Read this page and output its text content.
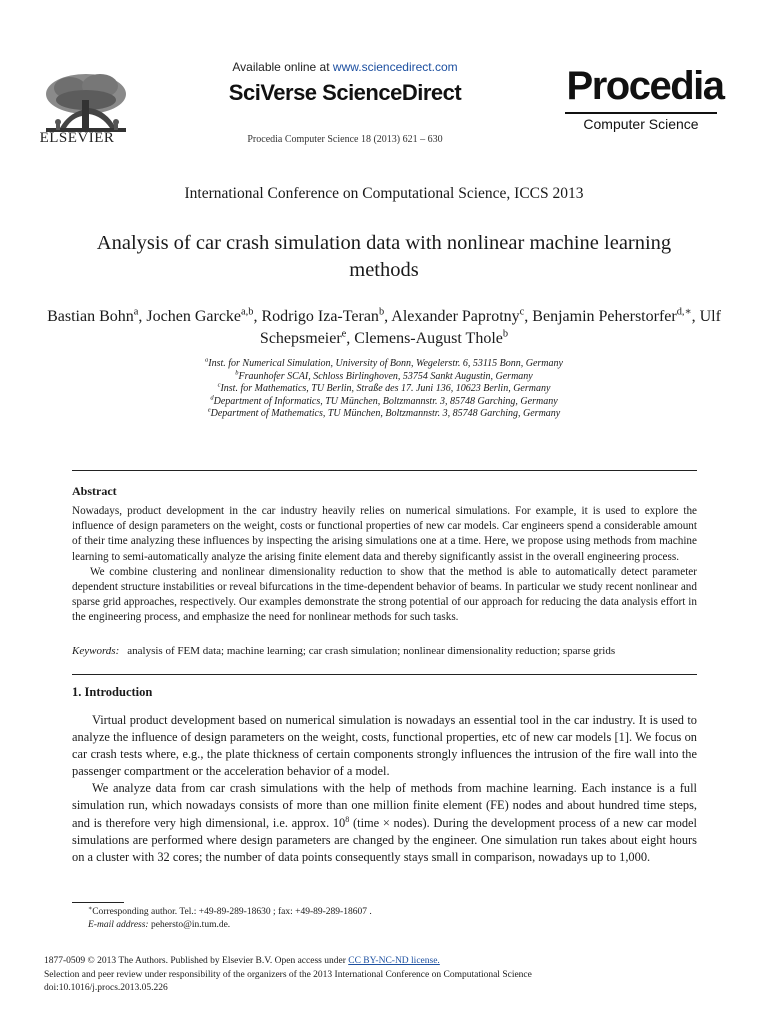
ELSEVIER
Available online at www.sciencedirect.com
SciVerse ScienceDirect
Procedia Computer Science 18 (2013) 621 – 630
Procedia
Computer Science
International Conference on Computational Science, ICCS 2013
Analysis of car crash simulation data with nonlinear machine learning methods
Bastian Bohn$^a$, Jochen Garcke$^{a,b}$, Rodrigo Iza-Teran$^b$, Alexander Paprotny$^c$, Benjamin Peherstorfer$^{d,∗}$, Ulf Schepsmeier$^e$, Clemens-August Thole$^b$
$^a$Inst. for Numerical Simulation, University of Bonn, Wegelerstr. 6, 53115 Bonn, Germany
$^b$Fraunhofer SCAI, Schloss Birlinghoven, 53754 Sankt Augustin, Germany
$^c$Inst. for Mathematics, TU Berlin, Straße des 17. Juni 136, 10623 Berlin, Germany
$^d$Department of Informatics, TU München, Boltzmannstr. 3, 85748 Garching, Germany
$^e$Department of Mathematics, TU München, Boltzmannstr. 3, 85748 Garching, Germany
Abstract

Nowadays, product development in the car industry heavily relies on numerical simulations. For example, it is used to explore the influence of design parameters on the weight, costs or functional properties of new car models. Car engineers spend a considerable amount of their time analyzing these influences by inspecting the arising simulations one at a time. Here, we propose using methods from machine learning to semi-automatically analyze the arising finite element data and thereby significantly assist in the overall engineering process.

We combine clustering and nonlinear dimensionality reduction to show that the method is able to automatically detect parameter dependent structure instabilities or reveal bifurcations in the time-dependent behavior of beams. In particular we study recent nonlinear and sparse grid approaches, respectively. Our examples demonstrate the strong potential of our approach for reducing the data analysis effort in the engineering process, and emphasize the need for nonlinear methods for such tasks.

Keywords: analysis of FEM data; machine learning; car crash simulation; nonlinear dimensionality reduction; sparse grids
1. Introduction

Virtual product development based on numerical simulation is nowadays an essential tool in the car industry. It is used to analyze the influence of design parameters on the weight, costs, functional properties, etc of new car models [1]. We focus on car crash tests where, e.g., the plate thickness of certain components strongly influences the intrusion of the fire wall into the passenger compartment or the acceleration behavior of a model.

We analyze data from car crash simulations with the help of methods from machine learning. Each instance is a full simulation run, which nowadays consists of more than one million finite element (FE) nodes and about hundred time steps, and is therefore very high dimensional, i.e. approx. $10^8$ (time × nodes). During the development process of a new car model simulations are performed where design parameters are changed by the engineer. One simulation run takes about eight hours on a cluster with 32 cores; the number of data points consequently stays small in comparison, nowadays up to 1,000.

∗Corresponding author. Tel.: +49-89-289-18630 ; fax: +49-89-289-18607 .
E-mail address: pehersto@in.tum.de.
1877-0509 © 2013 The Authors. Published by Elsevier B.V. Open access under CC BY-NC-ND license.
Selection and peer review under responsibility of the organizers of the 2013 International Conference on Computational Science
doi:10.1016/j.procs.2013.05.226
